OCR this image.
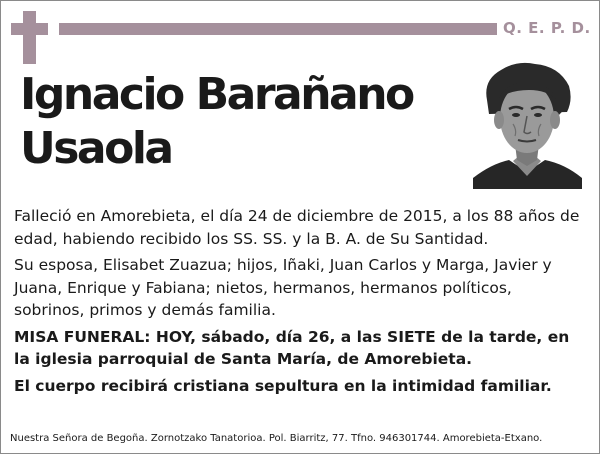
Q. E. P. D.
Ignacio Barañano
Usaola

Falleció en Amorebieta, el día 24 de diciembre de 2015, a los 88 años de edad, habiendo recibido los SS. SS. y la B. A. de Su Santidad.

Su esposa, Elisabet Zuazua; hijos, Iñaki, Juan Carlos y Marga, Javier y Juana, Enrique y Fabiana; nietos, hermanos, hermanos políticos, sobrinos, primos y demás familia.

MISA FUNERAL: HOY, sábado, día 26, a las SIETE de la tarde, en la iglesia parroquial de Santa María, de Amorebieta.

El cuerpo recibirá cristiana sepultura en la intimidad familiar.

Nuestra Señora de Begoña. Zornotzako Tanatorioa. Pol. Biarritz, 77. Tfno. 946301744. Amorebieta-Etxano.
